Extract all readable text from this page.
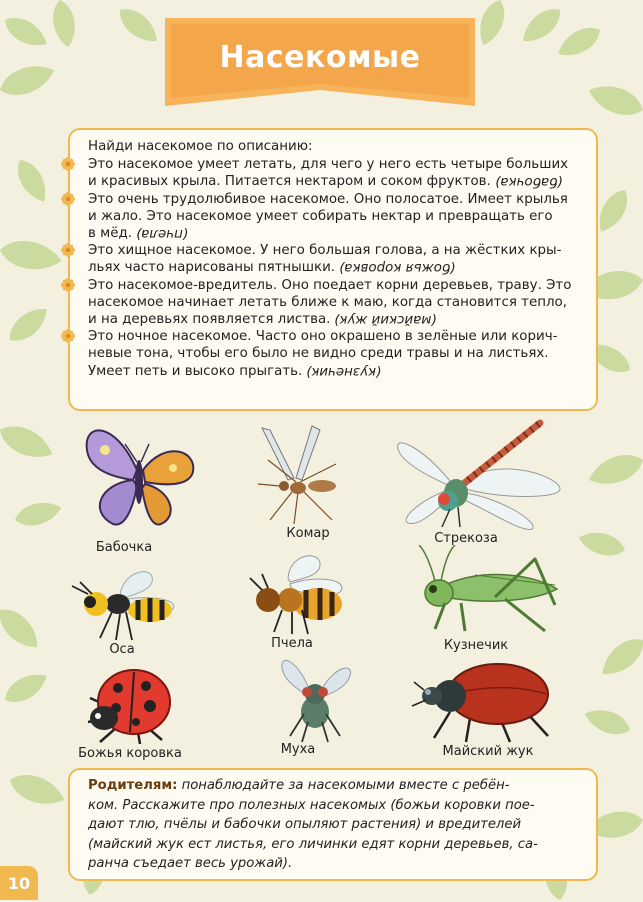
Насекомые
Найди насекомое по описанию:
Это насекомое умеет летать, для чего у него есть четыре больших
и красивых крыла. Питается нектаром и соком фруктов. (бабочка)
Это очень трудолюбивое насекомое. Оно полосатое. Имеет крылья
и жало. Это насекомое умеет собирать нектар и превращать его
в мёд. (пчела)
Это хищное насекомое. У него большая голова, а на жёстких кры-
льях часто нарисованы пятнышки. (божья коровка)
Это насекомое-вредитель. Оно поедает корни деревьев, траву. Это
насекомое начинает летать ближе к маю, когда становится тепло,
и на деревьях появляется листва. (майский жук)
Это ночное насекомое. Часто оно окрашено в зелёные или корич-
невые тона, чтобы его было не видно среди травы и на листьях.
Умеет петь и высоко прыгать. (кузнечик)
Бабочка
Комар	Стрекоза
Оса	Пчела	Кузнечик
Божья коровка	Муха	Майский жук
Родителям: понаблюдайте за насекомыми вместе с ребён-
ком. Расскажите про полезных насекомых (божьи коровки пое-
дают тлю, пчёлы и бабочки опыляют растения) и вредителей
(майский жук ест листья, его личинки едят корни деревьев, са-
ранча съедает весь урожай).
10
